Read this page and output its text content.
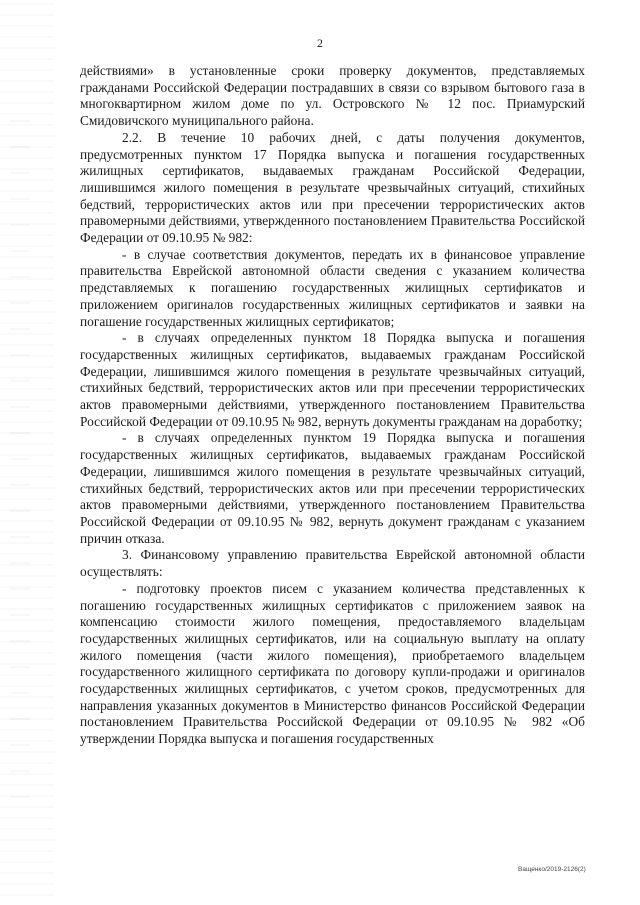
2

действиями» в установленные сроки проверку документов, представляемых гражданами Российской Федерации пострадавших в связи со взрывом бытового газа в многоквартирном жилом доме по ул. Островского № 12 пос. Приамурский Смидовичского муниципального района.

2.2. В течение 10 рабочих дней, с даты получения документов, предусмотренных пунктом 17 Порядка выпуска и погашения государственных жилищных сертификатов, выдаваемых гражданам Российской Федерации, лишившимся жилого помещения в результате чрезвычайных ситуаций, стихийных бедствий, террористических актов или при пресечении террористических актов правомерными действиями, утвержденного постановлением Правительства Российской Федерации от 09.10.95 № 982:

- в случае соответствия документов, передать их в финансовое управление правительства Еврейской автономной области сведения с указанием количества представляемых к погашению государственных жилищных сертификатов и приложением оригиналов государственных жилищных сертификатов и заявки на погашение государственных жилищных сертификатов;

- в случаях определенных пунктом 18 Порядка выпуска и погашения государственных жилищных сертификатов, выдаваемых гражданам Российской Федерации, лишившимся жилого помещения в результате чрезвычайных ситуаций, стихийных бедствий, террористических актов или при пресечении террористических актов правомерными действиями, утвержденного постановлением Правительства Российской Федерации от 09.10.95 № 982, вернуть документы гражданам на доработку;

- в случаях определенных пунктом 19 Порядка выпуска и погашения государственных жилищных сертификатов, выдаваемых гражданам Российской Федерации, лишившимся жилого помещения в результате чрезвычайных ситуаций, стихийных бедствий, террористических актов или при пресечении террористических актов правомерными действиями, утвержденного постановлением Правительства Российской Федерации от 09.10.95 № 982, вернуть документ гражданам с указанием причин отказа.

3. Финансовому управлению правительства Еврейской автономной области осуществлять:

- подготовку проектов писем с указанием количества представленных к погашению государственных жилищных сертификатов с приложением заявок на компенсацию стоимости жилого помещения, предоставляемого владельцам государственных жилищных сертификатов, или на социальную выплату на оплату жилого помещения (части жилого помещения), приобретаемого владельцем государственного жилищного сертификата по договору купли-продажи и оригиналов государственных жилищных сертификатов, с учетом сроков, предусмотренных для направления указанных документов в Министерство финансов Российской Федерации постановлением Правительства Российской Федерации от 09.10.95 № 982 «Об утверждении Порядка выпуска и погашения государственных

Ващенко/2019-2126(2)
